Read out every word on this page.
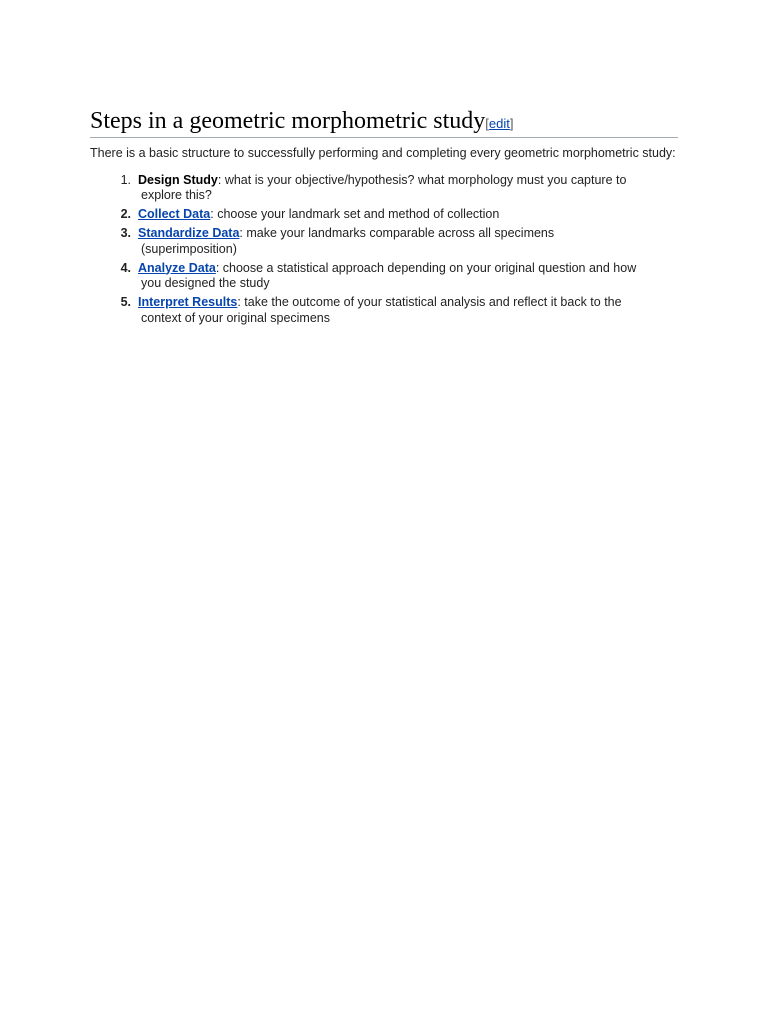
Steps in a geometric morphometric study[edit]

There is a basic structure to successfully performing and completing every geometric morphometric study:

1. Design Study: what is your objective/hypothesis? what morphology must you capture to
explore this?
2. Collect Data: choose your landmark set and method of collection
3. Standardize Data: make your landmarks comparable across all specimens
(superimposition)
4. Analyze Data: choose a statistical approach depending on your original question and how
you designed the study
5. Interpret Results: take the outcome of your statistical analysis and reflect it back to the
context of your original specimens
